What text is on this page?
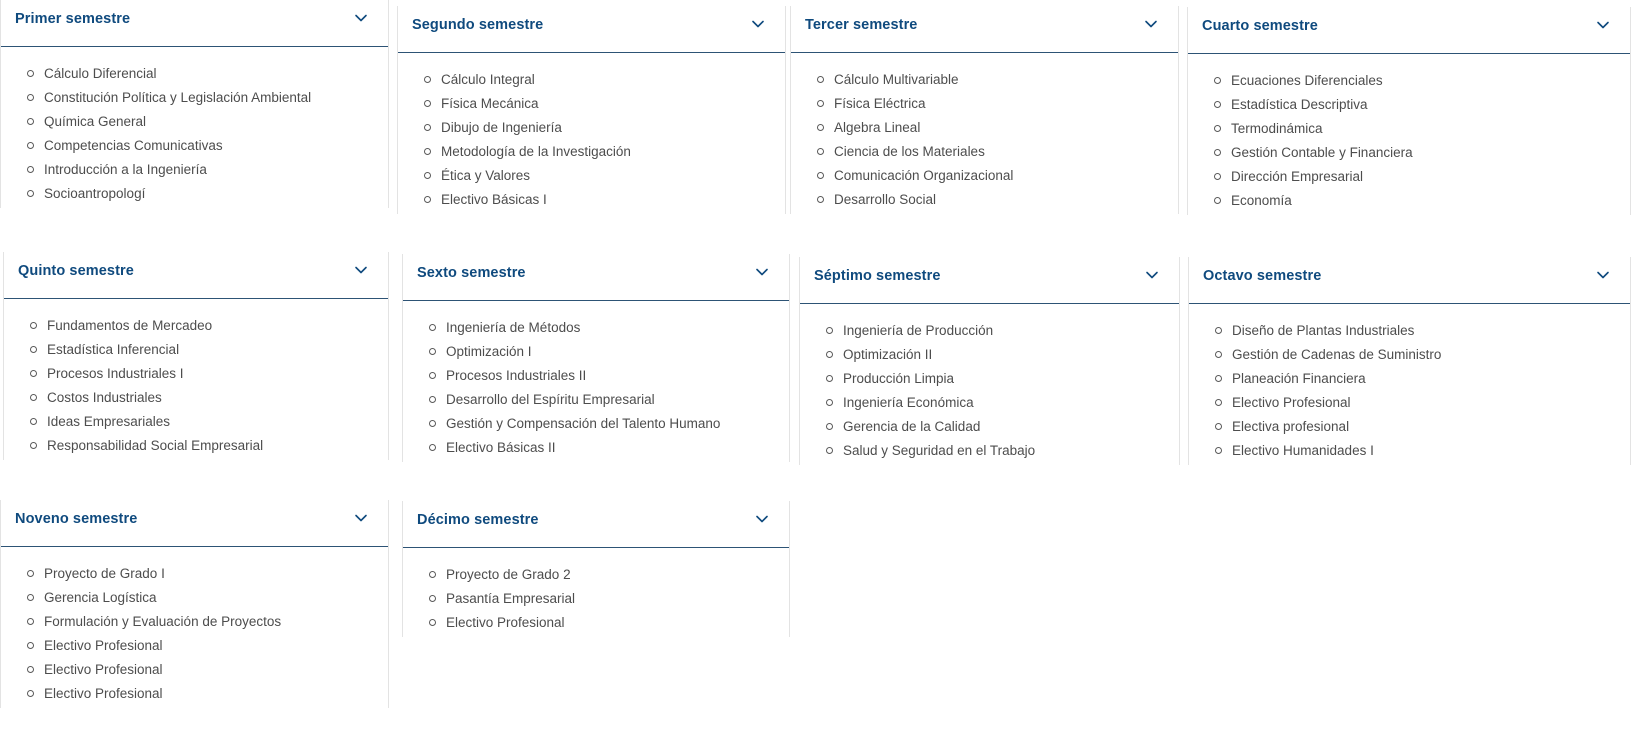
Primer semestre
Cálculo Diferencial
Constitución Política y Legislación Ambiental
Química General
Competencias Comunicativas
Introducción a la Ingeniería
Socioantropologí
Segundo semestre
Cálculo Integral
Física Mecánica
Dibujo de Ingeniería
Metodología de la Investigación
Ética y Valores
Electivo Básicas I
Tercer semestre
Cálculo Multivariable
Física Eléctrica
Algebra Lineal
Ciencia de los Materiales
Comunicación Organizacional
Desarrollo Social
Cuarto semestre
Ecuaciones Diferenciales
Estadística Descriptiva
Termodinámica
Gestión Contable y Financiera
Dirección Empresarial
Economía
Quinto semestre
Fundamentos de Mercadeo
Estadística Inferencial
Procesos Industriales I
Costos Industriales
Ideas Empresariales
Responsabilidad Social Empresarial
Sexto semestre
Ingeniería de Métodos
Optimización I
Procesos Industriales II
Desarrollo del Espíritu Empresarial
Gestión y Compensación del Talento Humano
Electivo Básicas II
Séptimo semestre
Ingeniería de Producción
Optimización II
Producción Limpia
Ingeniería Económica
Gerencia de la Calidad
Salud y Seguridad en el Trabajo
Octavo semestre
Diseño de Plantas Industriales
Gestión de Cadenas de Suministro
Planeación Financiera
Electivo Profesional
Electiva profesional
Electivo Humanidades I
Noveno semestre
Proyecto de Grado I
Gerencia Logística
Formulación y Evaluación de Proyectos
Electivo Profesional
Electivo Profesional
Electivo Profesional
Décimo semestre
Proyecto de Grado 2
Pasantía Empresarial
Electivo Profesional
